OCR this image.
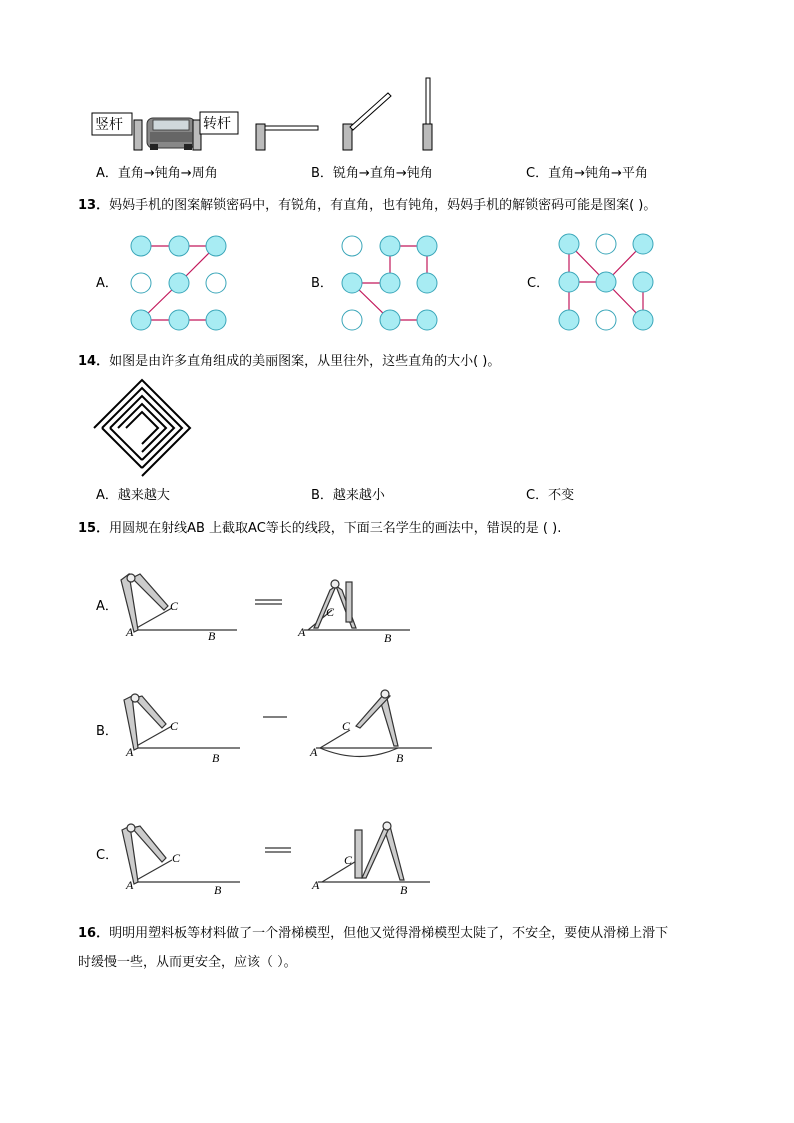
竖杆	转杆
A．直角→钝角→周角	B．锐角→直角→钝角	C．直角→钝角→平角
13．妈妈手机的图案解锁密码中，有锐角，有直角，也有钝角，妈妈手机的解锁密码可能是图案( )。
A．	B．	C．
14．如图是由许多直角组成的美丽图案，从里往外，这些直角的大小( )。
A．越来越大	B．越来越小	C．不变
15．用圆规在射线AB 上截取AC等长的线段，下面三名学生的画法中，错误的是 ( ).
A．
B．
C．
A	B
C
A
C
B
A	B
C
A
C
B
A	B
C
A
C
B
16．明明用塑料板等材料做了一个滑梯模型，但他又觉得滑梯模型太陡了，不安全，要使从滑梯上滑下
时缓慢一些，从而更安全，应该（ ）。
